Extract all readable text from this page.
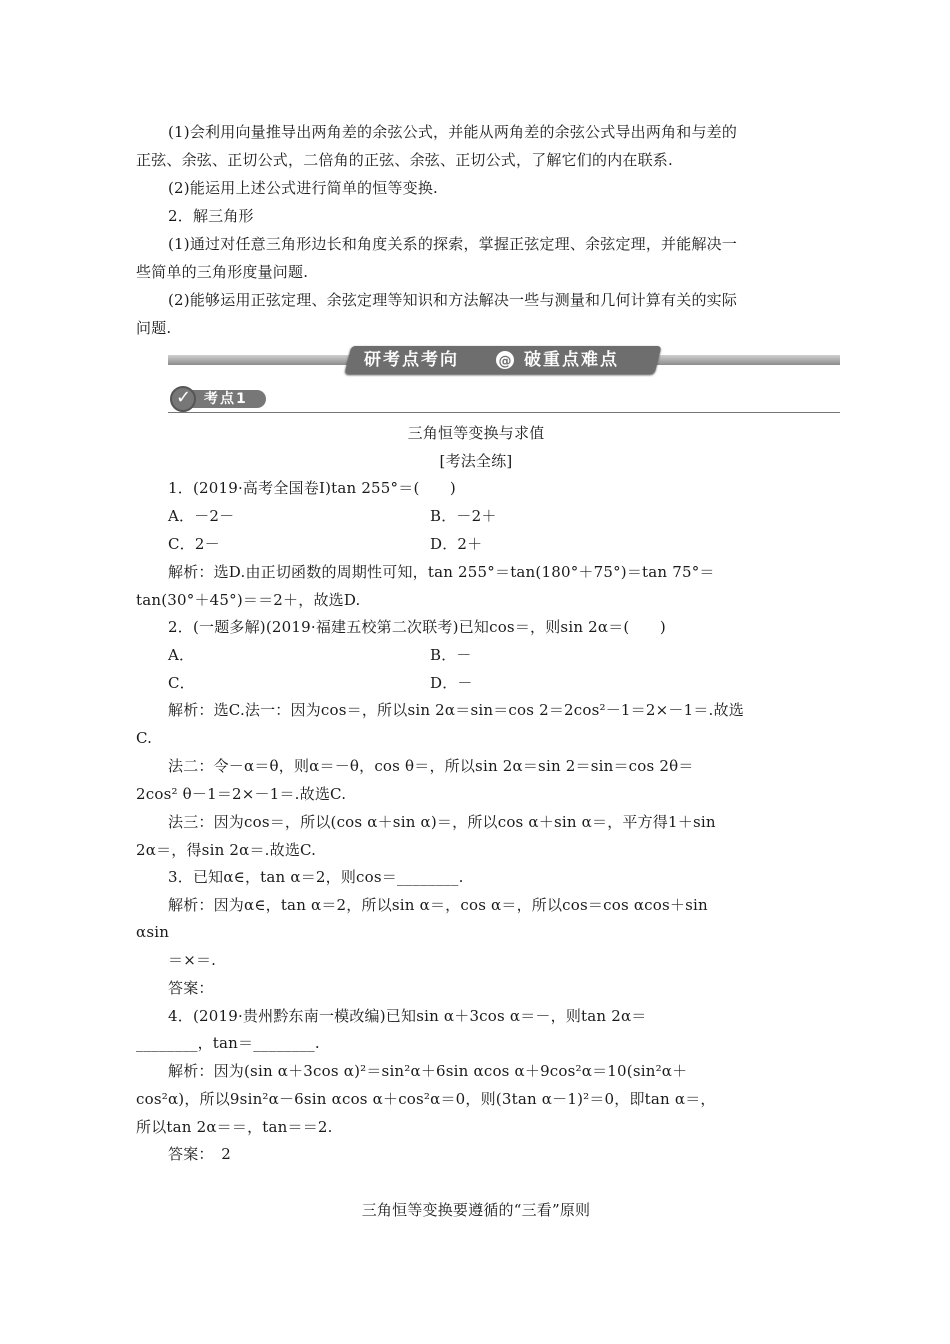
(1)会利用向量推导出两角差的余弦公式，并能从两角差的余弦公式导出两角和与差的
正弦、余弦、正切公式，二倍角的正弦、余弦、正切公式，了解它们的内在联系.
(2)能运用上述公式进行简单的恒等变换.
2．解三角形
(1)通过对任意三角形边长和角度关系的探索，掌握正弦定理、余弦定理，并能解决一
些简单的三角形度量问题.
(2)能够运用正弦定理、余弦定理等知识和方法解决一些与测量和几何计算有关的实际
问题.
研考点考向	@ 破重点难点
考点1
✓
三角恒等变换与求值
[考法全练]
1．(2019·高考全国卷Ⅰ)tan 255°＝(　　)
A．－2－	B．－2＋
C．2－	D．2＋
解析：选D.由正切函数的周期性可知，tan 255°＝tan(180°＋75°)＝tan 75°＝
tan(30°＋45°)＝＝2＋，故选D.
2．(一题多解)(2019·福建五校第二次联考)已知cos＝，则sin 2α＝(　　)
A．	B．－
C．	D．－
解析：选C.法一：因为cos＝，所以sin 2α＝sin＝cos 2＝2cos²－1＝2×－1＝.故选
C.
法二：令－α＝θ，则α＝－θ，cos θ＝，所以sin 2α＝sin 2＝sin＝cos 2θ＝
2cos² θ－1＝2×－1＝.故选C.
法三：因为cos＝，所以(cos α＋sin α)＝，所以cos α＋sin α＝，平方得1＋sin
2α＝，得sin 2α＝.故选C.
3．已知α∈，tan α＝2，则cos＝________.
解析：因为α∈，tan α＝2，所以sin α＝，cos α＝，所以cos＝cos αcos＋sin
αsin
＝×＝.
答案：
4．(2019·贵州黔东南一模改编)已知sin α＋3cos α＝－，则tan 2α＝
________，tan＝________.
解析：因为(sin α＋3cos α)²＝sin²α＋6sin αcos α＋9cos²α＝10(sin²α＋
cos²α)，所以9sin²α－6sin αcos α＋cos²α＝0，则(3tan α－1)²＝0，即tan α＝，
所以tan 2α＝＝，tan＝＝2.
答案：　2
三角恒等变换要遵循的“三看”原则
